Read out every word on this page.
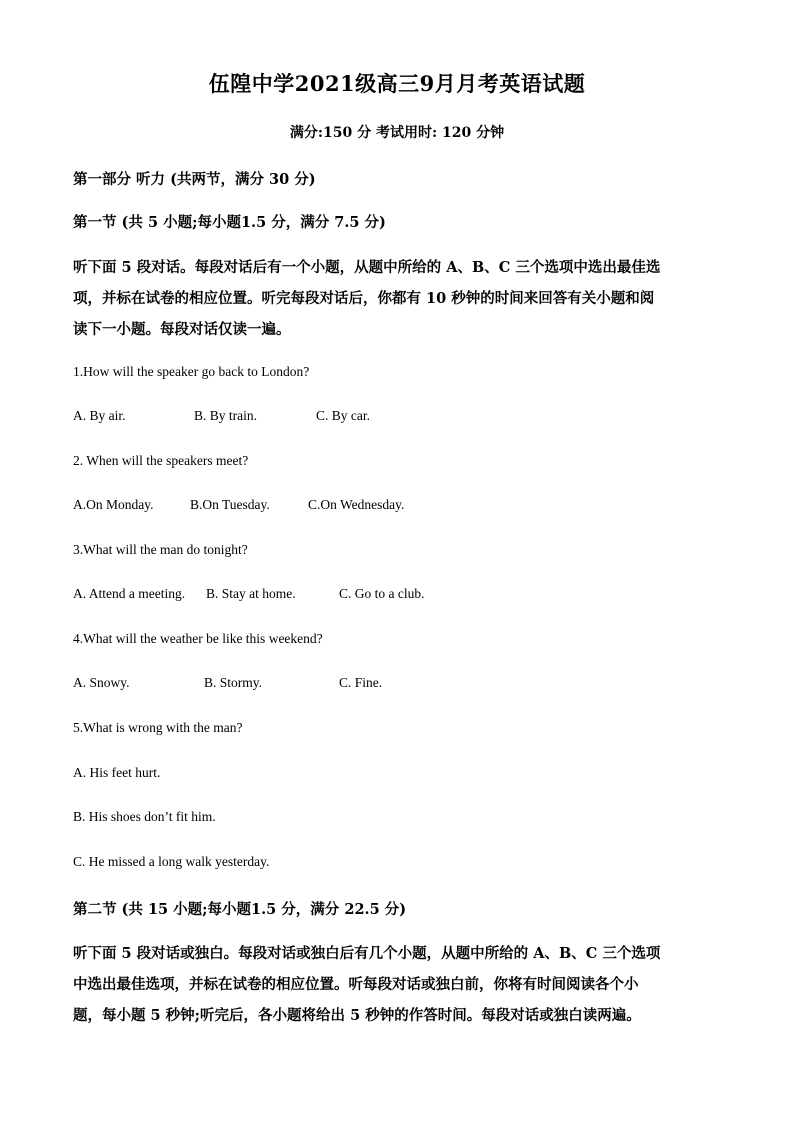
伍隍中学2021级高三9月月考英语试题
满分:150 分 考试用时: 120 分钟
第一部分 听力 (共两节，满分 30 分)
第一节 (共 5 小题;每小题1.5 分，满分 7.5 分)
听下面 5 段对话。每段对话后有一个小题，从题中所给的 A、B、C 三个选项中选出最佳选
项，并标在试卷的相应位置。听完每段对话后，你都有 10 秒钟的时间来回答有关小题和阅
读下一小题。每段对话仅读一遍。
1.How will the speaker go back to London?
A. By air.	B. By train.	C. By car.
2. When will the speakers meet?
A.On Monday.	B.On Tuesday.	C.On Wednesday.
3.What will the man do tonight?
A. Attend a meeting. B. Stay at home.	C. Go to a club.
4.What will the weather be like this weekend?
A. Snowy.	B. Stormy.	C. Fine.
5.What is wrong with the man?
A. His feet hurt.
B. His shoes don’t fit him.
C. He missed a long walk yesterday.
第二节 (共 15 小题;每小题1.5 分，满分 22.5 分)
听下面 5 段对话或独白。每段对话或独白后有几个小题，从题中所给的 A、B、C 三个选项
中选出最佳选项，并标在试卷的相应位置。听每段对话或独白前，你将有时间阅读各个小
题，每小题 5 秒钟;听完后，各小题将给出 5 秒钟的作答时间。每段对话或独白读两遍。
